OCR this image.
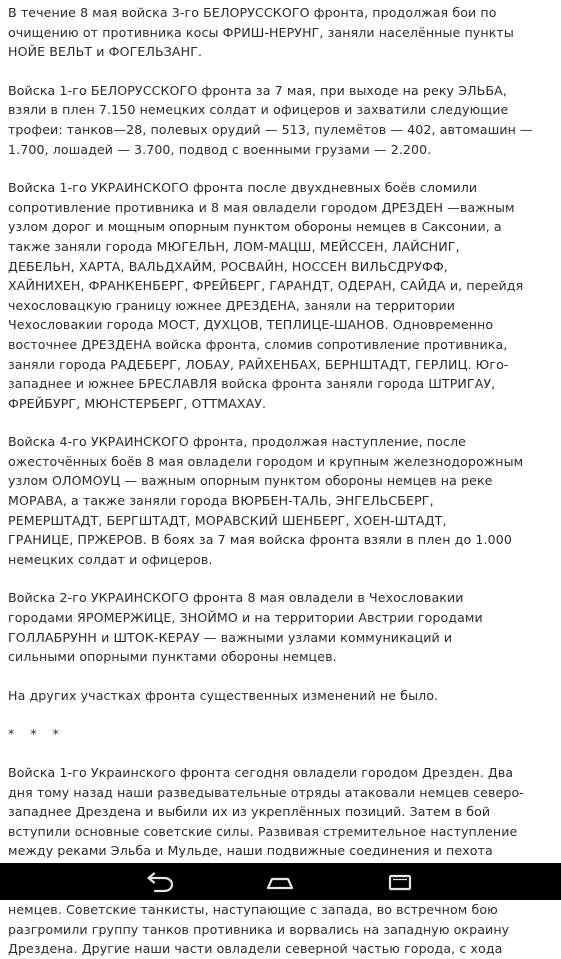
В течение 8 мая войска 3-го БЕЛОРУССКОГО фронта, продолжая бои по
очищению от противника косы ФРИШ-НЕРУНГ, заняли населённые пункты
НОЙЕ ВЕЛЬТ и ФОГЕЛЬЗАНГ.

Войска 1-го БЕЛОРУССКОГО фронта за 7 мая, при выходе на реку ЭЛЬБА,
взяли в плен 7.150 немецких солдат и офицеров и захватили следующие
трофеи: танков—28, полевых орудий — 513, пулемётов — 402, автомашин —
1.700, лошадей — 3.700, подвод с военными грузами — 2.200.

Войска 1-го УКРАИНСКОГО фронта после двухдневных боёв сломили
сопротивление противника и 8 мая овладели городом ДРЕЗДЕН —важным
узлом дорог и мощным опорным пунктом обороны немцев в Саксонии, а
также заняли города МЮГЕЛЬН, ЛОМ-МАЦШ, МЕЙССЕН, ЛАЙСНИГ,
ДЕБЕЛЬН, ХАРТА, ВАЛЬДХАЙМ, РОСВАЙН, НОССЕН ВИЛЬСДРУФФ,
ХАЙНИХЕН, ФРАНКЕНБЕРГ, ФРЕЙБЕРГ, ГАРАНДТ, ОДЕРАН, САЙДА и, перейдя
чехословацкую границу южнее ДРЕЗДЕНА, заняли на территории
Чехословакии города МОСТ, ДУХЦОВ, ТЕПЛИЦЕ-ШАНОВ. Одновременно
восточнее ДРЕЗДЕНА войска фронта, сломив сопротивление противника,
заняли города РАДЕБЕРГ, ЛОБАУ, РАЙХЕНБАХ, БЕРНШТАДТ, ГЕРЛИЦ. Юго-
западнее и южнее БРЕСЛАВЛЯ войска фронта заняли города ШТРИГАУ,
ФРЕЙБУРГ, МЮНСТЕРБЕРГ, ОТТМАХАУ.

Войска 4-го УКРАИНСКОГО фронта, продолжая наступление, после
ожесточённых боёв 8 мая овладели городом и крупным железнодорожным
узлом ОЛОМОУЦ — важным опорным пунктом обороны немцев на реке
МОРАВА, а также заняли города ВЮРБЕН-ТАЛЬ, ЭНГЕЛЬСБЕРГ,
РЕМЕРШТАДТ, БЕРГШТАДТ, МОРАВСКИЙ ШЕНБЕРГ, ХОЕН-ШТАДТ,
ГРАНИЦЕ, ПРЖЕРОВ. В боях за 7 мая войска фронта взяли в плен до 1.000
немецких солдат и офицеров.

Войска 2-го УКРАИНСКОГО фронта 8 мая овладели в Чехословакии
городами ЯРОМЕРЖИЦЕ, ЗНОЙМО и на территории Австрии городами
ГОЛЛАБРУНН и ШТОК-КЕРАУ — важными узлами коммуникаций и
сильными опорными пунктами обороны немцев.

На других участках фронта существенных изменений не было.

* * *

Войска 1-го Украинского фронта сегодня овладели городом Дрезден. Два
дня тому назад наши разведывательные отряды атаковали немцев северо-
западнее Дрездена и выбили их из укреплённых позиций. Затем в бой
вступили основные советские силы. Развивая стремительное наступление
между реками Эльба и Мульде, наши подвижные соединения и пехота

немцев. Советские танкисты, наступающие с запада, во встречном бою
разгромили группу танков противника и ворвались на западную окраину
Дрездена. Другие наши части овладели северной частью города, с хода
